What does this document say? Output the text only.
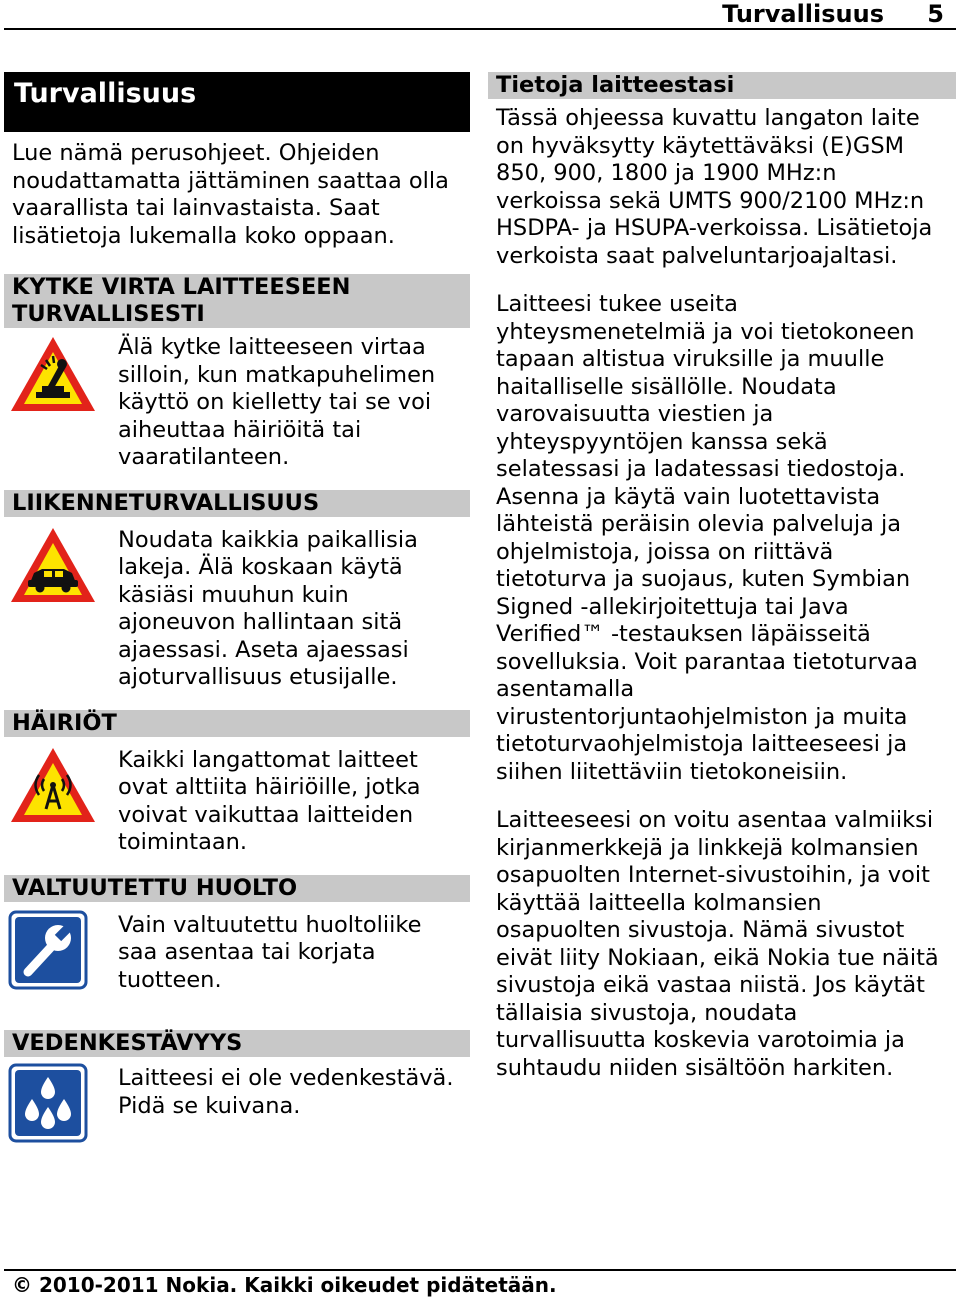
Turvallisuus 5
Turvallisuus

Lue nämä perusohjeet. Ohjeiden noudattamatta jättäminen saattaa olla vaarallista tai lainvastaista. Saat lisätietoja lukemalla koko oppaan.

KYTKE VIRTA LAITTEESEEN TURVALLISESTI

Älä kytke laitteeseen virtaa silloin, kun matkapuhelimen käyttö on kielletty tai se voi aiheuttaa häiriöitä tai vaaratilanteen.

LIIKENNETURVALLISUUS

Noudata kaikkia paikallisia lakeja. Älä koskaan käytä käsiäsi muuhun kuin ajoneuvon hallintaan sitä ajaessasi. Aseta ajaessasi ajoturvallisuus etusijalle.

HÄIRIÖT

Kaikki langattomat laitteet ovat alttiita häiriöille, jotka voivat vaikuttaa laitteiden toimintaan.

VALTUUTETTU HUOLTO

Vain valtuutettu huoltoliike saa asentaa tai korjata tuotteen.

VEDENKESTÄVYYS

Laitteesi ei ole vedenkestävä. Pidä se kuivana.

Tietoja laitteestasi

Tässä ohjeessa kuvattu langaton laite on hyväksytty käytettäväksi (E)GSM 850, 900, 1800 ja 1900 MHz:n verkoissa sekä UMTS 900/2100 MHz:n HSDPA- ja HSUPA-verkoissa. Lisätietoja verkoista saat palveluntarjoajaltasi.

Laitteesi tukee useita yhteysmenetelmiä ja voi tietokoneen tapaan altistua viruksille ja muulle haitalliselle sisällölle. Noudata varovaisuutta viestien ja yhteyspyyntöjen kanssa sekä selatessasi ja ladatessasi tiedostoja. Asenna ja käytä vain luotettavista lähteistä peräisin olevia palveluja ja ohjelmistoja, joissa on riittävä tietoturva ja suojaus, kuten Symbian Signed -allekirjoitettuja tai Java Verified™ -testauksen läpäisseitä sovelluksia. Voit parantaa tietoturvaa asentamalla virustentorjuntaohjelmiston ja muita tietoturvaohjelmistoja laitteeseesi ja siihen liitettäviin tietokoneisiin.

Laitteeseesi on voitu asentaa valmiiksi kirjanmerkkejä ja linkkejä kolmansien osapuolten Internet-sivustoihin, ja voit käyttää laitteella kolmansien osapuolten sivustoja. Nämä sivustot eivät liity Nokiaan, eikä Nokia tue näitä sivustoja eikä vastaa niistä. Jos käytät tällaisia sivustoja, noudata turvallisuutta koskevia varotoimia ja suhtaudu niiden sisältöön harkiten.

© 2010-2011 Nokia. Kaikki oikeudet pidätetään.
